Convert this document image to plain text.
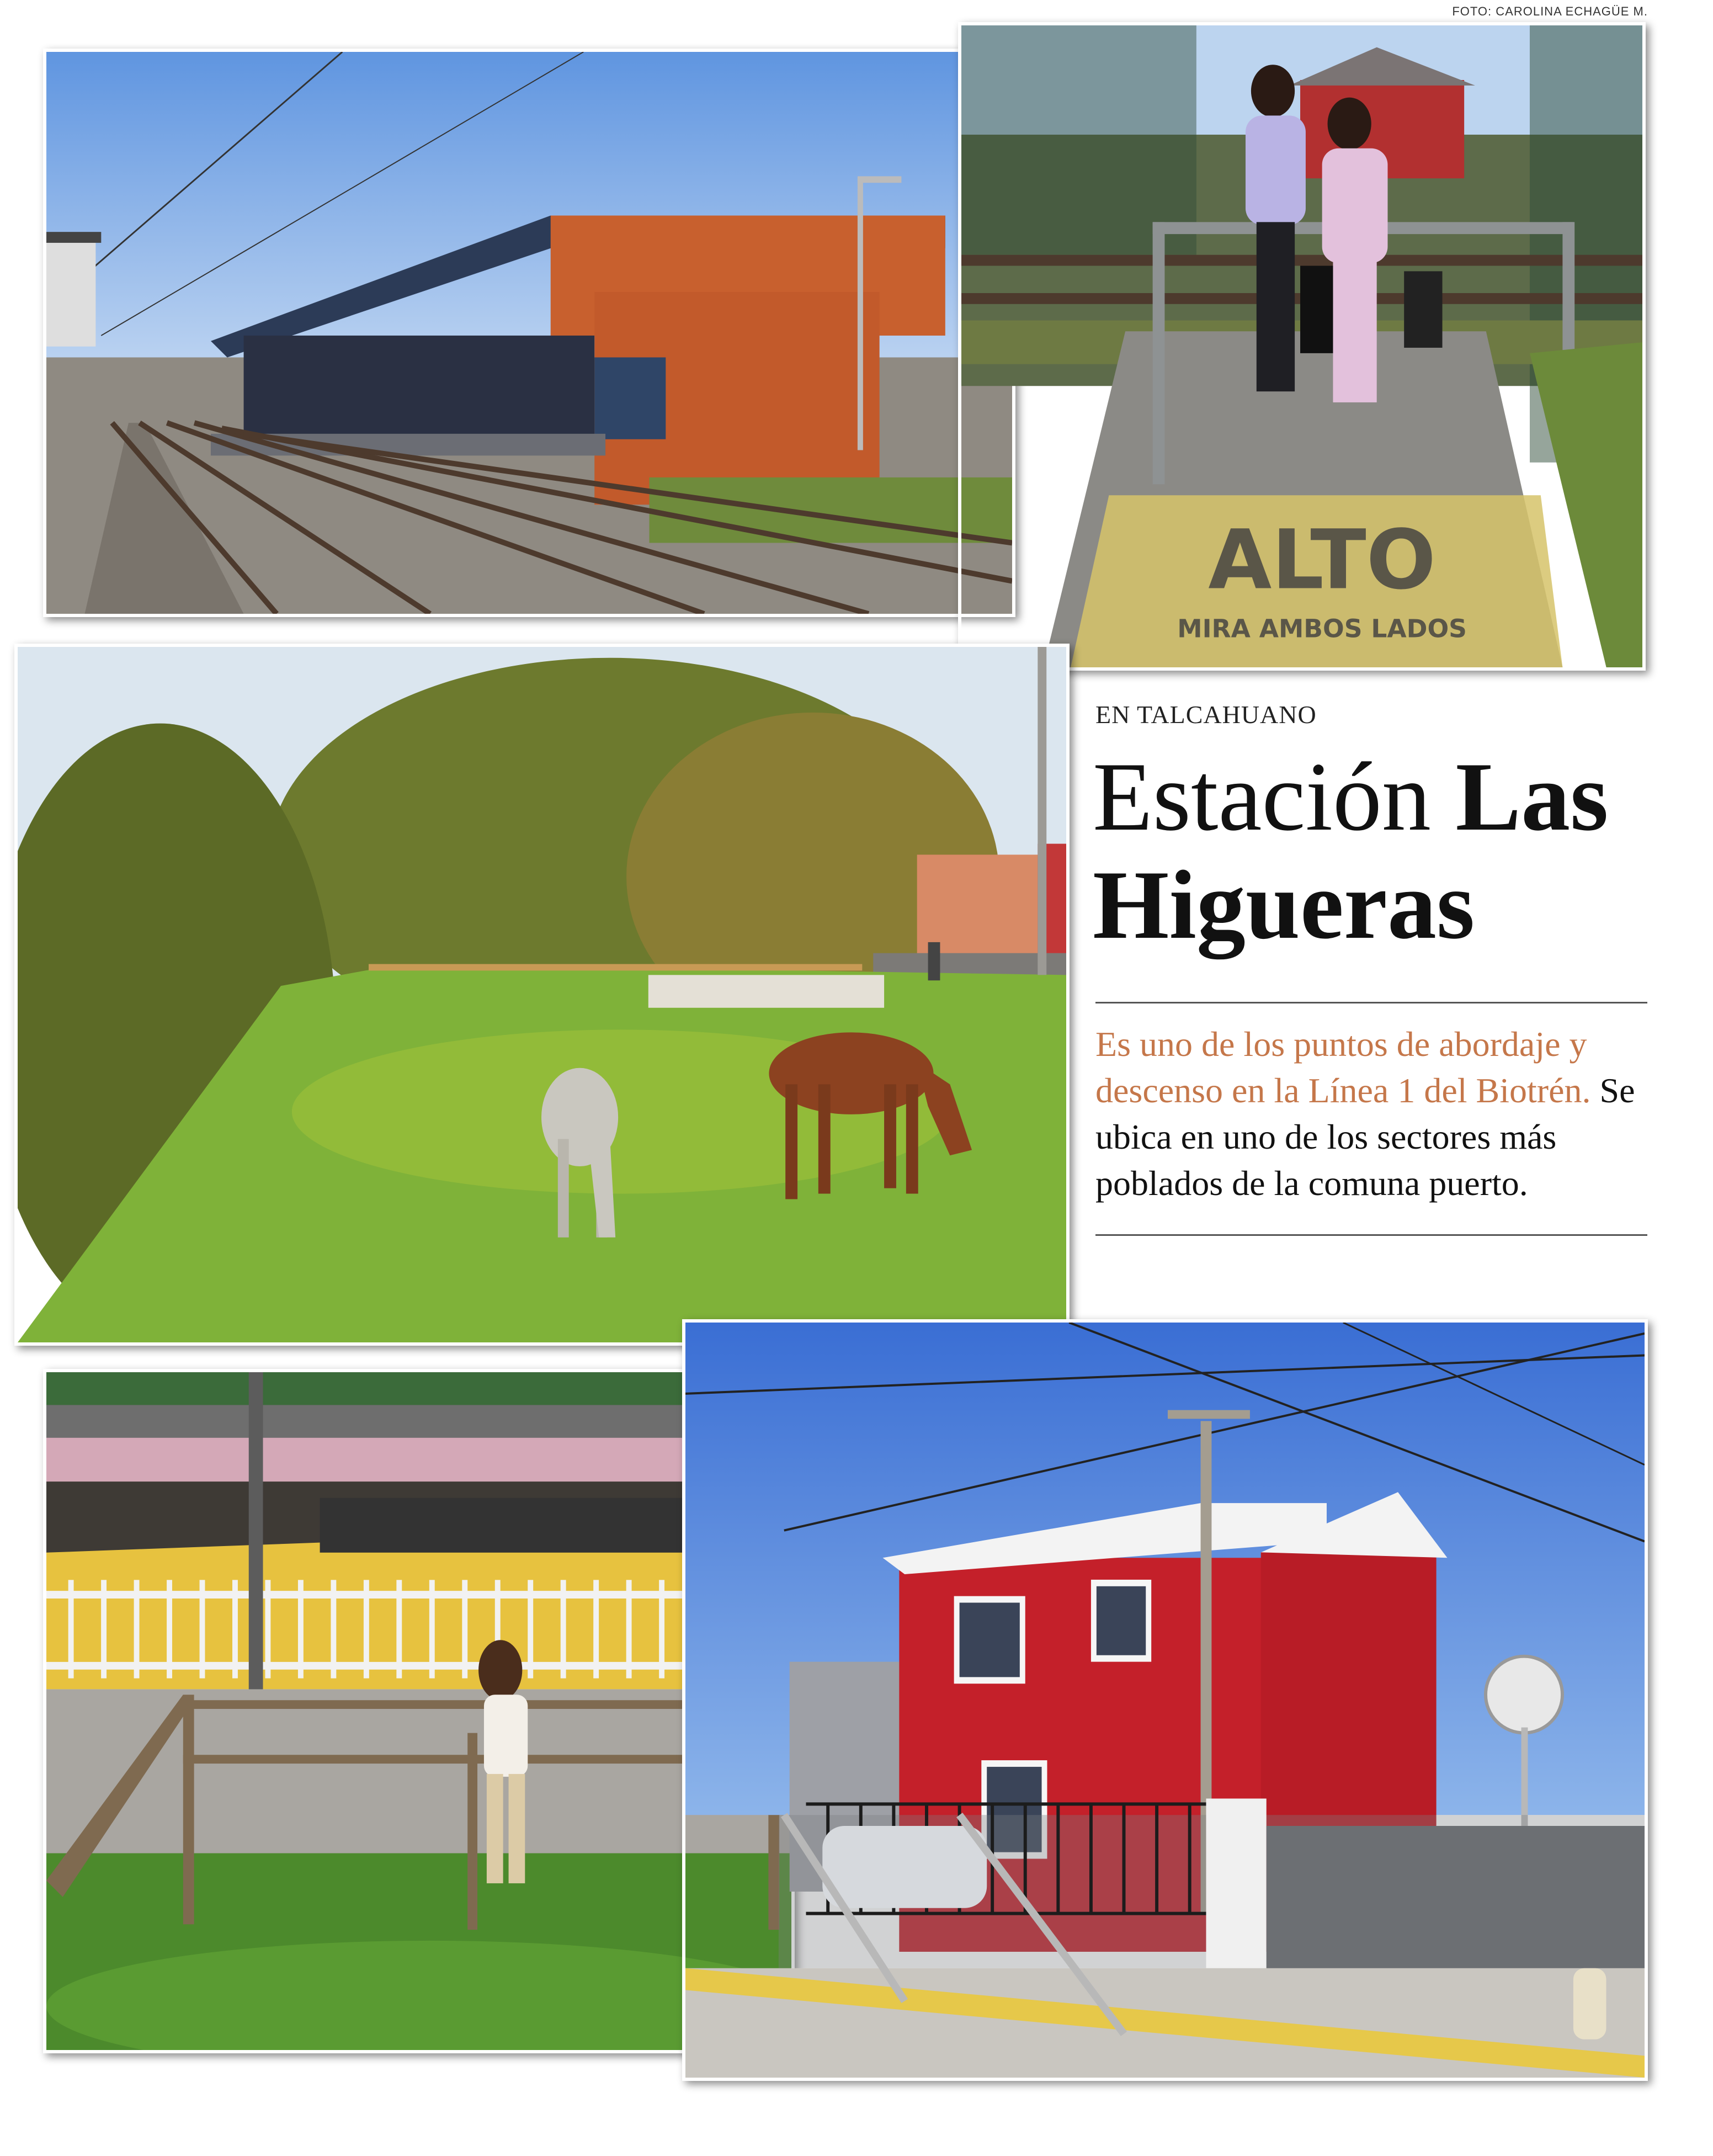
FOTO: CAROLINA ECHAGÜE M.
ALTO
MIRA AMBOS LADOS
EN TALCAHUANO
Estación Las
Higueras
Es uno de los puntos de abordaje y descenso en la Línea 1 del Biotrén. Se ubica en uno de los sectores más poblados de la comuna puerto.
